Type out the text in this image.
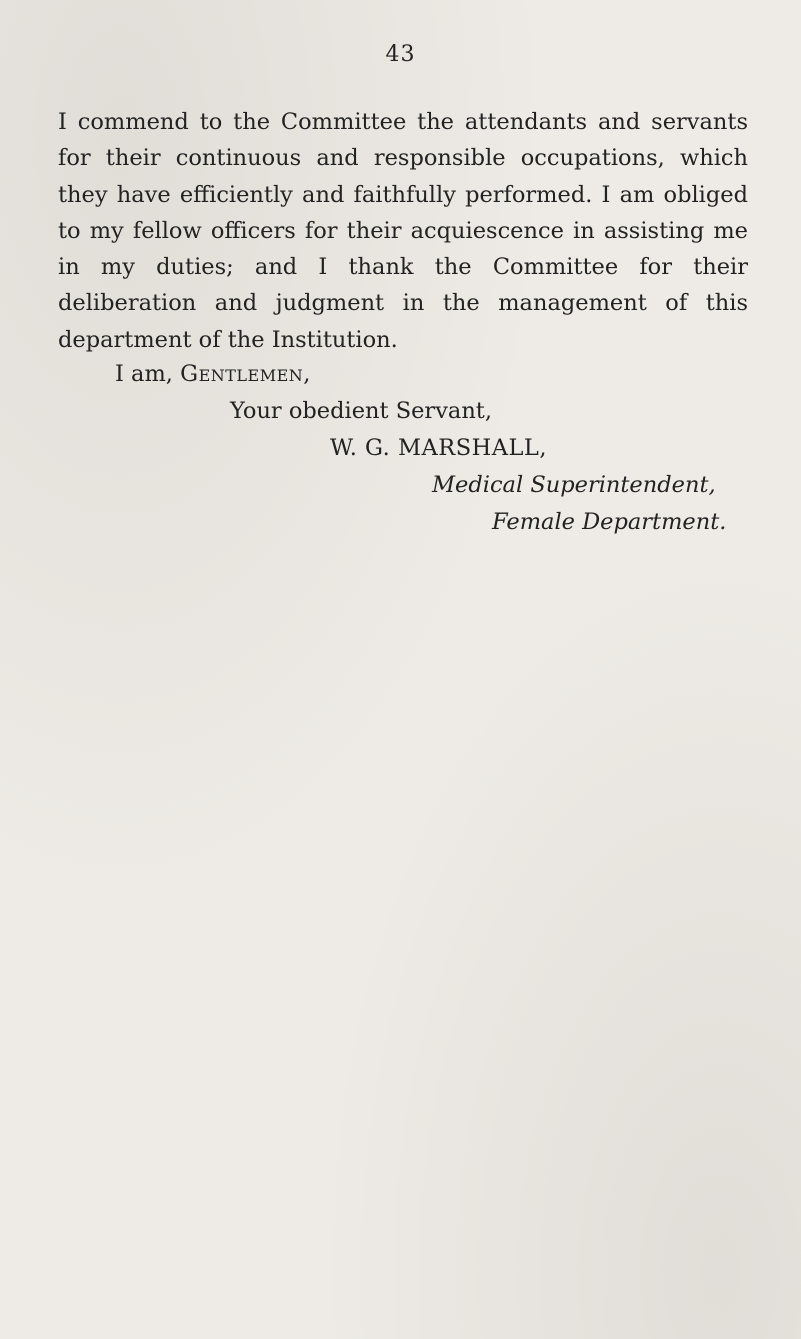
43
I commend to the Committee the attendants and servants for their continuous and responsible occupations, which they have efficiently and faithfully performed. I am obliged to my fellow officers for their acquiescence in assisting me in my duties; and I thank the Committee for their deliberation and judgment in the management of this department of the Institution.
I am, Gentlemen,
Your obedient Servant,
W. G. MARSHALL,
Medical Superintendent,
Female Department.
